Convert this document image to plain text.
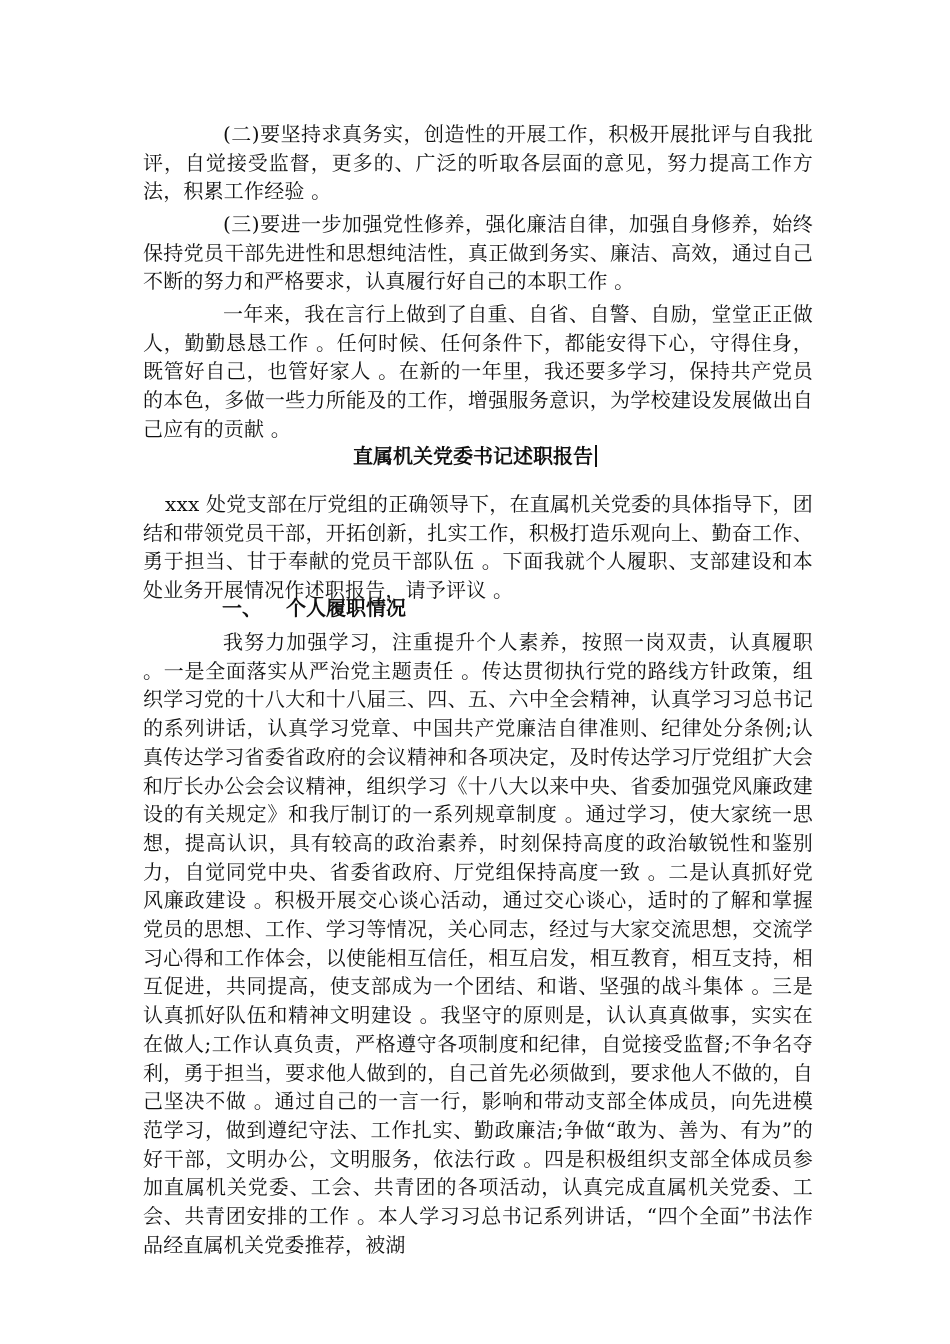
(二)要坚持求真务实，创造性的开展工作，积极开展批评与自我批评，自觉接受监督，更多的、广泛的听取各层面的意见，努力提高工作方法，积累工作经验 。

(三)要进一步加强党性修养，强化廉洁自律，加强自身修养，始终保持党员干部先进性和思想纯洁性，真正做到务实、廉洁、高效，通过自己不断的努力和严格要求，认真履行好自己的本职工作 。

一年来，我在言行上做到了自重、自省、自警、自励，堂堂正正做人，勤勤恳恳工作 。任何时候、任何条件下，都能安得下心，守得住身，既管好自己，也管好家人 。在新的一年里，我还要多学习，保持共产党员的本色，多做一些力所能及的工作，增强服务意识，为学校建设发展做出自己应有的贡献 。

直属机关党委书记述职报告

xxx 处党支部在厅党组的正确领导下，在直属机关党委的具体指导下，团结和带领党员干部，开拓创新，扎实工作，积极打造乐观向上、勤奋工作、勇于担当、甘于奉献的党员干部队伍 。下面我就个人履职、支部建设和本处业务开展情况作述职报告，请予评议 。

一、 个人履职情况

我努力加强学习，注重提升个人素养，按照一岗双责，认真履职 。一是全面落实从严治党主题责任 。传达贯彻执行党的路线方针政策，组织学习党的十八大和十八届三、四、五、六中全会精神，认真学习习总书记的系列讲话，认真学习党章、中国共产党廉洁自律准则、纪律处分条例;认真传达学习省委省政府的会议精神和各项决定，及时传达学习厅党组扩大会和厅长办公会会议精神，组织学习《十八大以来中央、省委加强党风廉政建设的有关规定》和我厅制订的一系列规章制度 。通过学习，使大家统一思想，提高认识，具有较高的政治素养，时刻保持高度的政治敏锐性和鉴别力，自觉同党中央、省委省政府、厅党组保持高度一致 。二是认真抓好党风廉政建设 。积极开展交心谈心活动，通过交心谈心，适时的了解和掌握党员的思想、工作、学习等情况，关心同志，经过与大家交流思想，交流学习心得和工作体会，以使能相互信任，相互启发，相互教育，相互支持，相互促进，共同提高，使支部成为一个团结、和谐、坚强的战斗集体 。三是认真抓好队伍和精神文明建设 。我坚守的原则是，认认真真做事，实实在在做人;工作认真负责，严格遵守各项制度和纪律，自觉接受监督;不争名夺利，勇于担当，要求他人做到的，自己首先必须做到，要求他人不做的，自己坚决不做 。通过自己的一言一行，影响和带动支部全体成员，向先进模范学习，做到遵纪守法、工作扎实、勤政廉洁;争做“敢为、善为、有为”的好干部，文明办公，文明服务，依法行政 。四是积极组织支部全体成员参加直属机关党委、工会、共青团的各项活动，认真完成直属机关党委、工会、共青团安排的工作 。本人学习习总书记系列讲话，“四个全面”书法作品经直属机关党委推荐，被湖
